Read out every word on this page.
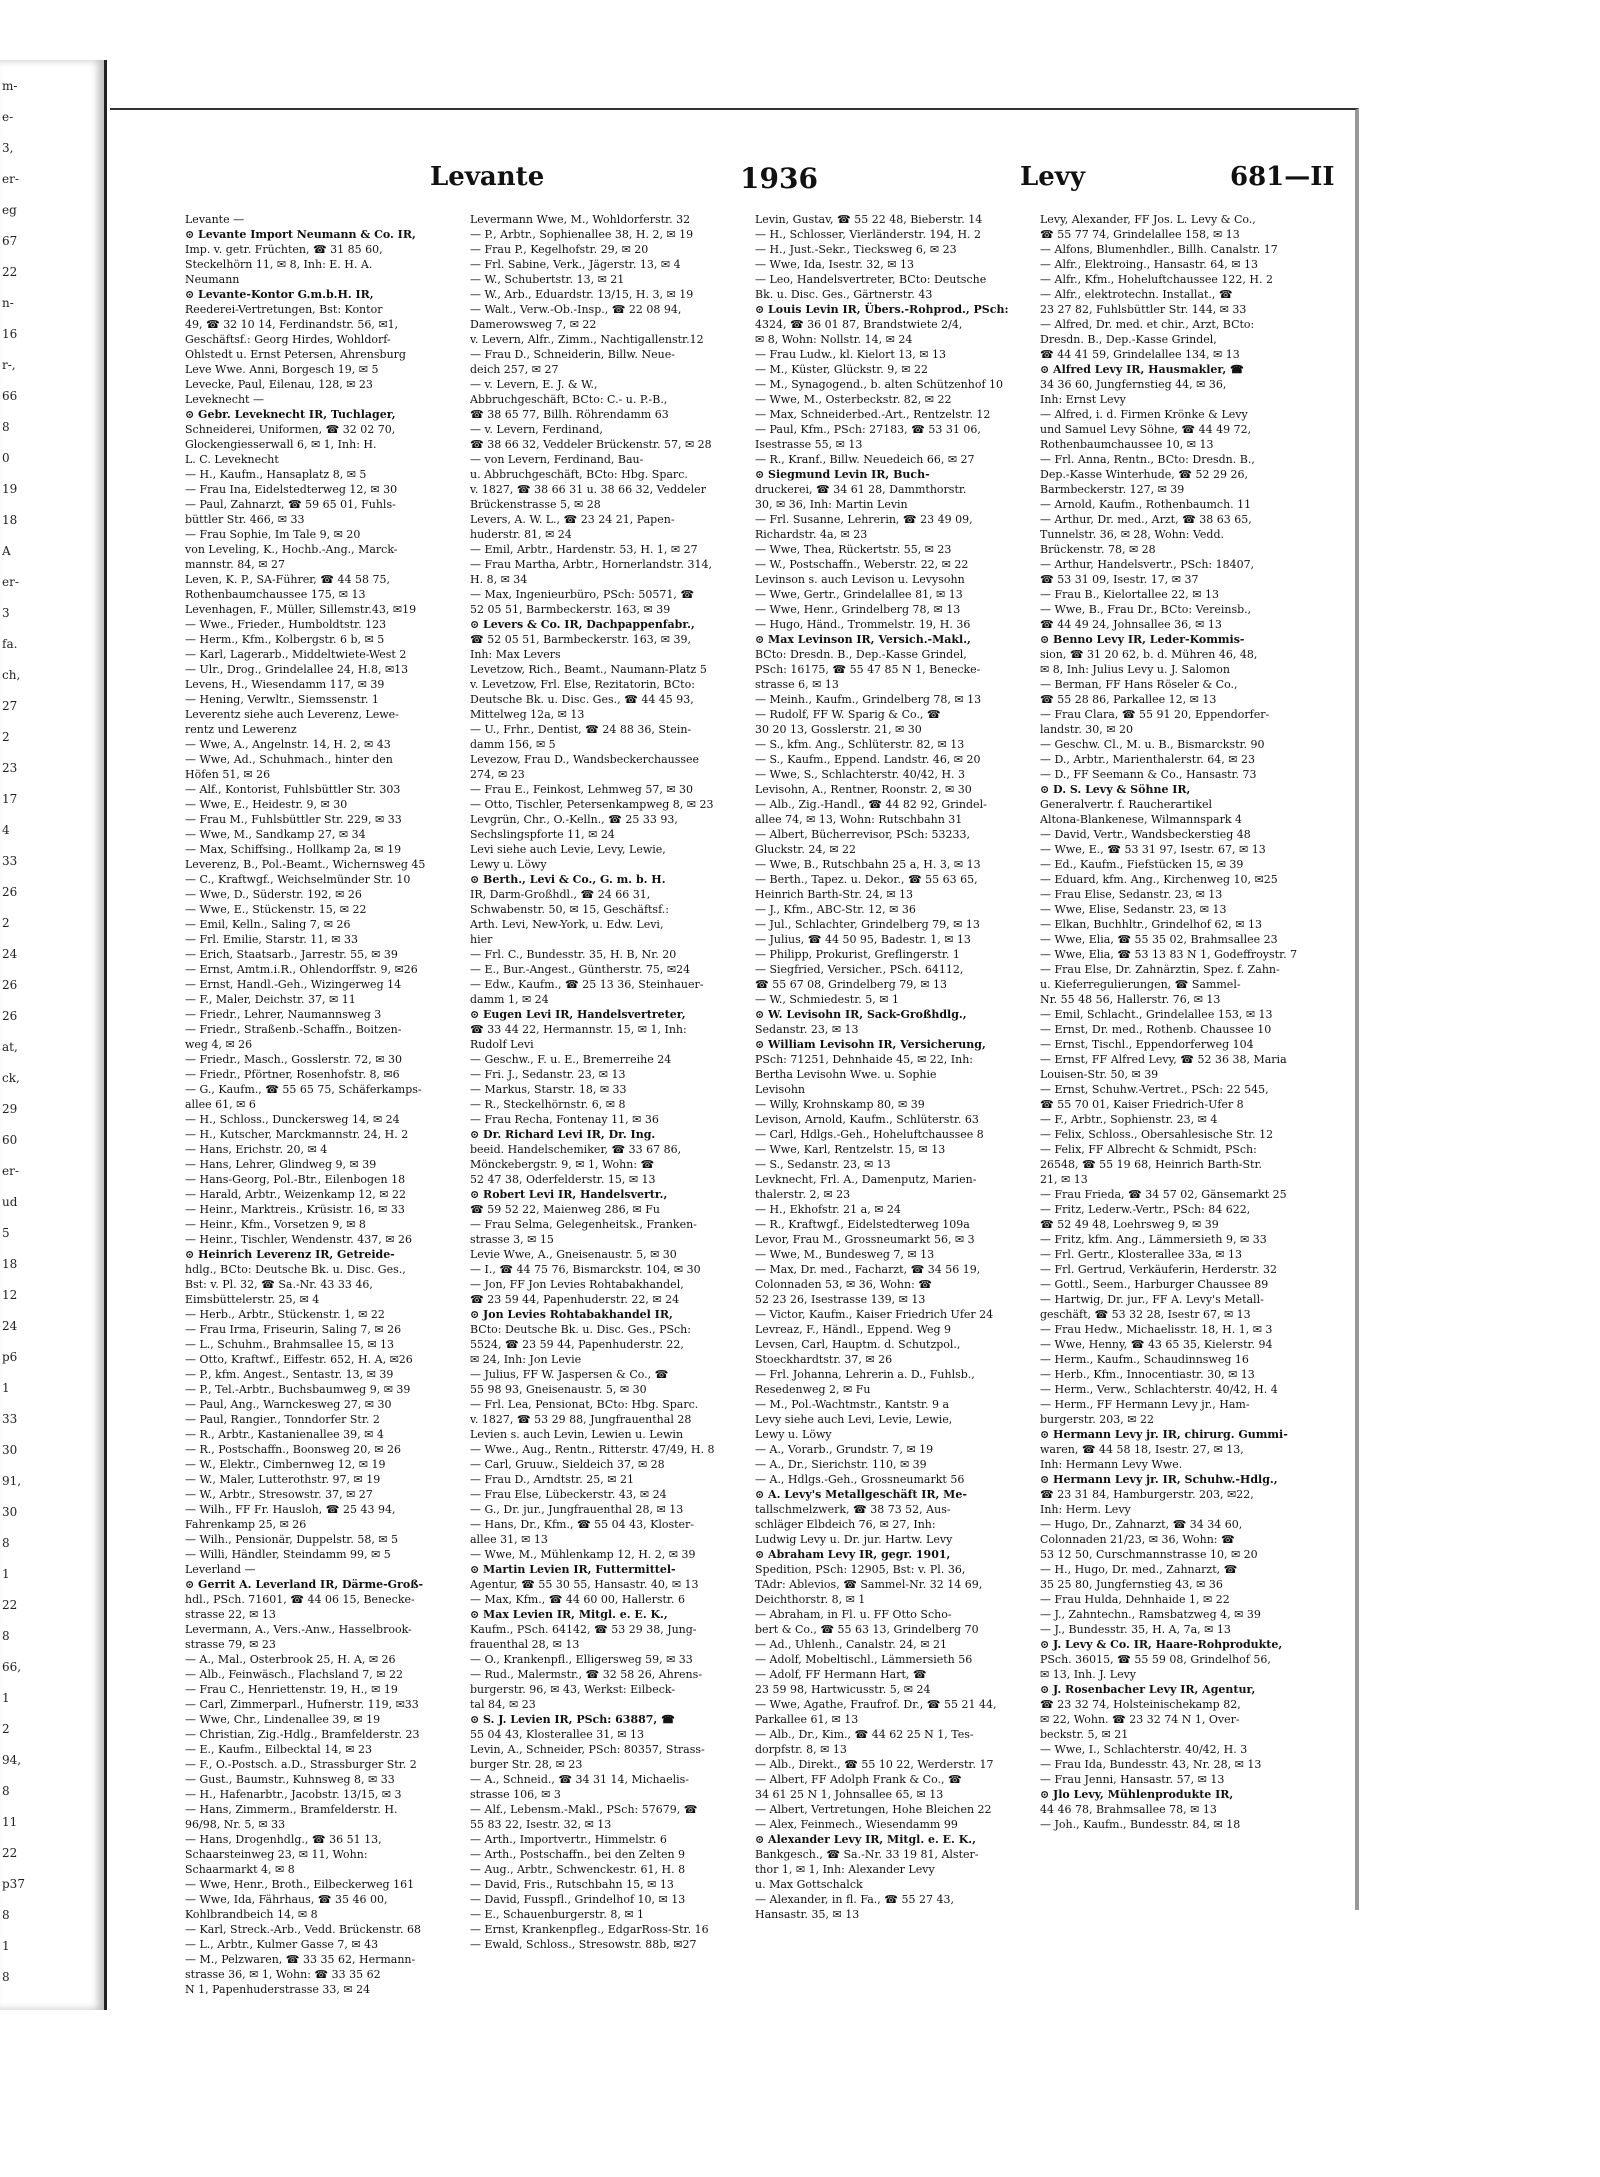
m-
e-
3,
er-
eg
67
22
n-
16
r-,
66
8
0
19
18
A
er-
3
fa.
ch,
27
2
23
17
4
33
26
2
24
26
26
at,
ck,
29
60
er-
ud
5
18
12
24
p6
1
33
30
91,
30
8
1
22
8
66,
1
2
94,
8
11
22
p37
8
1
8
Levante	1936	Levy	681—II
Levante —
⊙ Levante Import Neumann & Co. IR,
Imp. v. getr. Früchten, ☎ 31 85 60,
Steckelhörn 11, ✉ 8, Inh: E. H. A.
Neumann
⊙ Levante-Kontor G.m.b.H. IR,
Reederei-Vertretungen, Bst: Kontor
49, ☎ 32 10 14, Ferdinandstr. 56, ✉1,
Geschäftsf.: Georg Hirdes, Wohldorf-
Ohlstedt u. Ernst Petersen, Ahrensburg
Leve Wwe. Anni, Borgesch 19, ✉ 5
Levecke, Paul, Eilenau, 128, ✉ 23
Leveknecht —
⊙ Gebr. Leveknecht IR, Tuchlager,
Schneiderei, Uniformen, ☎ 32 02 70,
Glockengiesserwall 6, ✉ 1, Inh: H.
L. C. Leveknecht
— H., Kaufm., Hansaplatz 8, ✉ 5
— Frau Ina, Eidelstedterweg 12, ✉ 30
— Paul, Zahnarzt, ☎ 59 65 01, Fuhls-
büttler Str. 466, ✉ 33
— Frau Sophie, Im Tale 9, ✉ 20
von Leveling, K., Hochb.-Ang., Marck-
mannstr. 84, ✉ 27
Leven, K. P., SA-Führer, ☎ 44 58 75,
Rothenbaumchaussee 175, ✉ 13
Levenhagen, F., Müller, Sillemstr.43, ✉19
— Wwe., Frieder., Humboldtstr. 123
— Herm., Kfm., Kolbergstr. 6 b, ✉ 5
— Karl, Lagerarb., Middeltwiete-West 2
— Ulr., Drog., Grindelallee 24, H.8, ✉13
Levens, H., Wiesendamm 117, ✉ 39
— Hening, Verwltr., Siemssenstr. 1
Leverentz siehe auch Leverenz, Lewe-
rentz und Lewerenz
— Wwe, A., Angelnstr. 14, H. 2, ✉ 43
— Wwe, Ad., Schuhmach., hinter den
Höfen 51, ✉ 26
— Alf., Kontorist, Fuhlsbüttler Str. 303
— Wwe, E., Heidestr. 9, ✉ 30
— Frau M., Fuhlsbüttler Str. 229, ✉ 33
— Wwe, M., Sandkamp 27, ✉ 34
— Max, Schiffsing., Hollkamp 2a, ✉ 19
Leverenz, B., Pol.-Beamt., Wichernsweg 45
— C., Kraftwgf., Weichselmünder Str. 10
— Wwe, D., Süderstr. 192, ✉ 26
— Wwe, E., Stückenstr. 15, ✉ 22
— Emil, Kelln., Saling 7, ✉ 26
— Frl. Emilie, Starstr. 11, ✉ 33
— Erich, Staatsarb., Jarrestr. 55, ✉ 39
— Ernst, Amtm.i.R., Ohlendorffstr. 9, ✉26
— Ernst, Handl.-Geh., Wizingerweg 14
— F., Maler, Deichstr. 37, ✉ 11
— Friedr., Lehrer, Naumannsweg 3
— Friedr., Straßenb.-Schaffn., Boitzen-
weg 4, ✉ 26
— Friedr., Masch., Gosslerstr. 72, ✉ 30
— Friedr., Pförtner, Rosenhofstr. 8, ✉6
— G., Kaufm., ☎ 55 65 75, Schäferkamps-
allee 61, ✉ 6
— H., Schloss., Dunckersweg 14, ✉ 24
— H., Kutscher, Marckmannstr. 24, H. 2
— Hans, Erichstr. 20, ✉ 4
— Hans, Lehrer, Glindweg 9, ✉ 39
— Hans-Georg, Pol.-Btr., Eilenbogen 18
— Harald, Arbtr., Weizenkamp 12, ✉ 22
— Heinr., Marktreis., Krüsistr. 16, ✉ 33
— Heinr., Kfm., Vorsetzen 9, ✉ 8
— Heinr., Tischler, Wendenstr. 437, ✉ 26
⊙ Heinrich Leverenz IR, Getreide-
hdlg., BCto: Deutsche Bk. u. Disc. Ges.,
Bst: v. Pl. 32, ☎ Sa.-Nr. 43 33 46,
Eimsbüttelerstr. 25, ✉ 4
— Herb., Arbtr., Stückenstr. 1, ✉ 22
— Frau Irma, Friseurin, Saling 7, ✉ 26
— L., Schuhm., Brahmsallee 15, ✉ 13
— Otto, Kraftwf., Eiffestr. 652, H. A, ✉26
— P., kfm. Angest., Sentastr. 13, ✉ 39
— P., Tel.-Arbtr., Buchsbaumweg 9, ✉ 39
— Paul, Ang., Warnckesweg 27, ✉ 30
— Paul, Rangier., Tonndorfer Str. 2
— R., Arbtr., Kastanienallee 39, ✉ 4
— R., Postschaffn., Boonsweg 20, ✉ 26
— W., Elektr., Cimbernweg 12, ✉ 19
— W., Maler, Lutterothstr. 97, ✉ 19
— W., Arbtr., Stresowstr. 37, ✉ 27
— Wilh., FF Fr. Hausloh, ☎ 25 43 94,
Fahrenkamp 25, ✉ 26
— Wilh., Pensionär, Duppelstr. 58, ✉ 5
— Willi, Händler, Steindamm 99, ✉ 5
Leverland —
⊙ Gerrit A. Leverland IR, Därme-Groß-
hdl., PSch. 71601, ☎ 44 06 15, Benecke-
strasse 22, ✉ 13
Levermann, A., Vers.-Anw., Hasselbrook-
strasse 79, ✉ 23
— A., Mal., Osterbrook 25, H. A, ✉ 26
— Alb., Feinwäsch., Flachsland 7, ✉ 22
— Frau C., Henriettenstr. 19, H., ✉ 19
— Carl, Zimmerparl., Hufnerstr. 119, ✉33
— Wwe, Chr., Lindenallee 39, ✉ 19
— Christian, Zig.-Hdlg., Bramfelderstr. 23
— E., Kaufm., Eilbecktal 14, ✉ 23
— F., O.-Postsch. a.D., Strassburger Str. 2
— Gust., Baumstr., Kuhnsweg 8, ✉ 33
— H., Hafenarbtr., Jacobstr. 13/15, ✉ 3
— Hans, Zimmerm., Bramfelderstr. H.
96/98, Nr. 5, ✉ 33
— Hans, Drogenhdlg., ☎ 36 51 13,
Schaarsteinweg 23, ✉ 11, Wohn:
Schaarmarkt 4, ✉ 8
— Wwe, Henr., Broth., Eilbeckerweg 161
— Wwe, Ida, Fährhaus, ☎ 35 46 00,
Kohlbrandbeich 14, ✉ 8
— Karl, Streck.-Arb., Vedd. Brückenstr. 68
— L., Arbtr., Kulmer Gasse 7, ✉ 43
— M., Pelzwaren, ☎ 33 35 62, Hermann-
strasse 36, ✉ 1, Wohn: ☎ 33 35 62
N 1, Papenhuderstrasse 33, ✉ 24
Levermann Wwe, M., Wohldorferstr. 32
— P., Arbtr., Sophienallee 38, H. 2, ✉ 19
— Frau P., Kegelhofstr. 29, ✉ 20
— Frl. Sabine, Verk., Jägerstr. 13, ✉ 4
— W., Schubertstr. 13, ✉ 21
— W., Arb., Eduardstr. 13/15, H. 3, ✉ 19
— Walt., Verw.-Ob.-Insp., ☎ 22 08 94,
Damerowsweg 7, ✉ 22
v. Levern, Alfr., Zimm., Nachtigallenstr.12
— Frau D., Schneiderin, Billw. Neue-
deich 257, ✉ 27
— v. Levern, E. J. & W.,
Abbruchgeschäft, BCto: C.- u. P.-B.,
☎ 38 65 77, Billh. Röhrendamm 63
— v. Levern, Ferdinand,
☎ 38 66 32, Veddeler Brückenstr. 57, ✉ 28
— von Levern, Ferdinand, Bau-
u. Abbruchgeschäft, BCto: Hbg. Sparc.
v. 1827, ☎ 38 66 31 u. 38 66 32, Veddeler
Brückenstrasse 5, ✉ 28
Levers, A. W. L., ☎ 23 24 21, Papen-
huderstr. 81, ✉ 24
— Emil, Arbtr., Hardenstr. 53, H. 1, ✉ 27
— Frau Martha, Arbtr., Hornerlandstr. 314,
H. 8, ✉ 34
— Max, Ingenieurbüro, PSch: 50571, ☎
52 05 51, Barmbeckerstr. 163, ✉ 39
⊙ Levers & Co. IR, Dachpappenfabr.,
☎ 52 05 51, Barmbeckerstr. 163, ✉ 39,
Inh: Max Levers
Levetzow, Rich., Beamt., Naumann-Platz 5
v. Levetzow, Frl. Else, Rezitatorin, BCto:
Deutsche Bk. u. Disc. Ges., ☎ 44 45 93,
Mittelweg 12a, ✉ 13
— U., Frhr., Dentist, ☎ 24 88 36, Stein-
damm 156, ✉ 5
Levezow, Frau D., Wandsbeckerchaussee
274, ✉ 23
— Frau E., Feinkost, Lehmweg 57, ✉ 30
— Otto, Tischler, Petersenkampweg 8, ✉ 23
Levgrün, Chr., O.-Kelln., ☎ 25 33 93,
Sechslingspforte 11, ✉ 24
Levi siehe auch Levie, Levy, Lewie,
Lewy u. Löwy
⊙ Berth., Levi & Co., G. m. b. H.
IR, Darm-Großhdl., ☎ 24 66 31,
Schwabenstr. 50, ✉ 15, Geschäftsf.:
Arth. Levi, New-York, u. Edw. Levi,
hier
— Frl. C., Bundesstr. 35, H. B, Nr. 20
— E., Bur.-Angest., Güntherstr. 75, ✉24
— Edw., Kaufm., ☎ 25 13 36, Steinhauer-
damm 1, ✉ 24
⊙ Eugen Levi IR, Handelsvertreter,
☎ 33 44 22, Hermannstr. 15, ✉ 1, Inh:
Rudolf Levi
— Geschw., F. u. E., Bremerreihe 24
— Fri. J., Sedanstr. 23, ✉ 13
— Markus, Starstr. 18, ✉ 33
— R., Steckelhörnstr. 6, ✉ 8
— Frau Recha, Fontenay 11, ✉ 36
⊙ Dr. Richard Levi IR, Dr. Ing.
beeid. Handelschemiker, ☎ 33 67 86,
Mönckebergstr. 9, ✉ 1, Wohn: ☎
52 47 38, Oderfelderstr. 15, ✉ 13
⊙ Robert Levi IR, Handelsvertr.,
☎ 59 52 22, Maienweg 286, ✉ Fu
— Frau Selma, Gelegenheitsk., Franken-
strasse 3, ✉ 15
Levie Wwe, A., Gneisenaustr. 5, ✉ 30
— I., ☎ 44 75 76, Bismarckstr. 104, ✉ 30
— Jon, FF Jon Levies Rohtabakhandel,
☎ 23 59 44, Papenhuderstr. 22, ✉ 24
⊙ Jon Levies Rohtabakhandel IR,
BCto: Deutsche Bk. u. Disc. Ges., PSch:
5524, ☎ 23 59 44, Papenhuderstr. 22,
✉ 24, Inh: Jon Levie
— Julius, FF W. Jaspersen & Co., ☎
55 98 93, Gneisenaustr. 5, ✉ 30
— Frl. Lea, Pensionat, BCto: Hbg. Sparc.
v. 1827, ☎ 53 29 88, Jungfrauenthal 28
Levien s. auch Levin, Lewien u. Lewin
— Wwe., Aug., Rentn., Ritterstr. 47/49, H. 8
— Carl, Gruuw., Sieldeich 37, ✉ 28
— Frau D., Arndtstr. 25, ✉ 21
— Frau Else, Lübeckerstr. 43, ✉ 24
— G., Dr. jur., Jungfrauenthal 28, ✉ 13
— Hans, Dr., Kfm., ☎ 55 04 43, Kloster-
allee 31, ✉ 13
— Wwe, M., Mühlenkamp 12, H. 2, ✉ 39
⊙ Martin Levien IR, Futtermittel-
Agentur, ☎ 55 30 55, Hansastr. 40, ✉ 13
— Max, Kfm., ☎ 44 60 00, Hallerstr. 6
⊙ Max Levien IR, Mitgl. e. E. K.,
Kaufm., PSch. 64142, ☎ 53 29 38, Jung-
frauenthal 28, ✉ 13
— O., Krankenpfl., Elligersweg 59, ✉ 33
— Rud., Malermstr., ☎ 32 58 26, Ahrens-
burgerstr. 96, ✉ 43, Werkst: Eilbeck-
tal 84, ✉ 23
⊙ S. J. Levien IR, PSch: 63887, ☎
55 04 43, Klosterallee 31, ✉ 13
Levin, A., Schneider, PSch: 80357, Strass-
burger Str. 28, ✉ 23
— A., Schneid., ☎ 34 31 14, Michaelis-
strasse 106, ✉ 3
— Alf., Lebensm.-Makl., PSch: 57679, ☎
55 83 22, Isestr. 32, ✉ 13
— Arth., Importvertr., Himmelstr. 6
— Arth., Postschaffn., bei den Zelten 9
— Aug., Arbtr., Schwenckestr. 61, H. 8
— David, Fris., Rutschbahn 15, ✉ 13
— David, Fusspfl., Grindelhof 10, ✉ 13
— E., Schauenburgerstr. 8, ✉ 1
— Ernst, Krankenpfleg., EdgarRoss-Str. 16
— Ewald, Schloss., Stresowstr. 88b, ✉27
Levin, Gustav, ☎ 55 22 48, Bieberstr. 14
— H., Schlosser, Vierländerstr. 194, H. 2
— H., Just.-Sekr., Tiecksweg 6, ✉ 23
— Wwe, Ida, Isestr. 32, ✉ 13
— Leo, Handelsvertreter, BCto: Deutsche
Bk. u. Disc. Ges., Gärtnerstr. 43
⊙ Louis Levin IR, Übers.-Rohprod., PSch:
4324, ☎ 36 01 87, Brandstwiete 2/4,
✉ 8, Wohn: Nollstr. 14, ✉ 24
— Frau Ludw., kl. Kielort 13, ✉ 13
— M., Küster, Glückstr. 9, ✉ 22
— M., Synagogend., b. alten Schützenhof 10
— Wwe, M., Osterbeckstr. 82, ✉ 22
— Max, Schneiderbed.-Art., Rentzelstr. 12
— Paul, Kfm., PSch: 27183, ☎ 53 31 06,
Isestrasse 55, ✉ 13
— R., Kranf., Billw. Neuedeich 66, ✉ 27
⊙ Siegmund Levin IR, Buch-
druckerei, ☎ 34 61 28, Dammthorstr.
30, ✉ 36, Inh: Martin Levin
— Frl. Susanne, Lehrerin, ☎ 23 49 09,
Richardstr. 4a, ✉ 23
— Wwe, Thea, Rückertstr. 55, ✉ 23
— W., Postschaffn., Weberstr. 22, ✉ 22
Levinson s. auch Levison u. Levysohn
— Wwe, Gertr., Grindelallee 81, ✉ 13
— Wwe, Henr., Grindelberg 78, ✉ 13
— Hugo, Händ., Trommelstr. 19, H. 36
⊙ Max Levinson IR, Versich.-Makl.,
BCto: Dresdn. B., Dep.-Kasse Grindel,
PSch: 16175, ☎ 55 47 85 N 1, Benecke-
strasse 6, ✉ 13
— Meinh., Kaufm., Grindelberg 78, ✉ 13
— Rudolf, FF W. Sparig & Co., ☎
30 20 13, Gosslerstr. 21, ✉ 30
— S., kfm. Ang., Schlüterstr. 82, ✉ 13
— S., Kaufm., Eppend. Landstr. 46, ✉ 20
— Wwe, S., Schlachterstr. 40/42, H. 3
Levisohn, A., Rentner, Roonstr. 2, ✉ 30
— Alb., Zig.-Handl., ☎ 44 82 92, Grindel-
allee 74, ✉ 13, Wohn: Rutschbahn 31
— Albert, Bücherrevisor, PSch: 53233,
Gluckstr. 24, ✉ 22
— Wwe, B., Rutschbahn 25 a, H. 3, ✉ 13
— Berth., Tapez. u. Dekor., ☎ 55 63 65,
Heinrich Barth-Str. 24, ✉ 13
— J., Kfm., ABC-Str. 12, ✉ 36
— Jul., Schlachter, Grindelberg 79, ✉ 13
— Julius, ☎ 44 50 95, Badestr. 1, ✉ 13
— Philipp, Prokurist, Greflingerstr. 1
— Siegfried, Versicher., PSch. 64112,
☎ 55 67 08, Grindelberg 79, ✉ 13
— W., Schmiedestr. 5, ✉ 1
⊙ W. Levisohn IR, Sack-Großhdlg.,
Sedanstr. 23, ✉ 13
⊙ William Levisohn IR, Versicherung,
PSch: 71251, Dehnhaide 45, ✉ 22, Inh:
Bertha Levisohn Wwe. u. Sophie
Levisohn
— Willy, Krohnskamp 80, ✉ 39
Levison, Arnold, Kaufm., Schlüterstr. 63
— Carl, Hdlgs.-Geh., Hoheluftchaussee 8
— Wwe, Karl, Rentzelstr. 15, ✉ 13
— S., Sedanstr. 23, ✉ 13
Levknecht, Frl. A., Damenputz, Marien-
thalerstr. 2, ✉ 23
— H., Ekhofstr. 21 a, ✉ 24
— R., Kraftwgf., Eidelstedterweg 109a
Levor, Frau M., Grossneumarkt 56, ✉ 3
— Wwe, M., Bundesweg 7, ✉ 13
— Max, Dr. med., Facharzt, ☎ 34 56 19,
Colonnaden 53, ✉ 36, Wohn: ☎
52 23 26, Isestrasse 139, ✉ 13
— Victor, Kaufm., Kaiser Friedrich Ufer 24
Levreaz, F., Händl., Eppend. Weg 9
Levsen, Carl, Hauptm. d. Schutzpol.,
Stoeckhardtstr. 37, ✉ 26
— Frl. Johanna, Lehrerin a. D., Fuhlsb.,
Resedenweg 2, ✉ Fu
— M., Pol.-Wachtmstr., Kantstr. 9 a
Levy siehe auch Levi, Levie, Lewie,
Lewy u. Löwy
— A., Vorarb., Grundstr. 7, ✉ 19
— A., Dr., Sierichstr. 110, ✉ 39
— A., Hdlgs.-Geh., Grossneumarkt 56
⊙ A. Levy's Metallgeschäft IR, Me-
tallschmelzwerk, ☎ 38 73 52, Aus-
schläger Elbdeich 76, ✉ 27, Inh:
Ludwig Levy u. Dr. jur. Hartw. Levy
⊙ Abraham Levy IR, gegr. 1901,
Spedition, PSch: 12905, Bst: v. Pl. 36,
TAdr: Ablevios, ☎ Sammel-Nr. 32 14 69,
Deichthorstr. 8, ✉ 1
— Abraham, in Fl. u. FF Otto Scho-
bert & Co., ☎ 55 63 13, Grindelberg 70
— Ad., Uhlenh., Canalstr. 24, ✉ 21
— Adolf, Mobeltischl., Lämmersieth 56
— Adolf, FF Hermann Hart, ☎
23 59 98, Hartwicusstr. 5, ✉ 24
— Wwe, Agathe, Fraufrof. Dr., ☎ 55 21 44,
Parkallee 61, ✉ 13
— Alb., Dr., Kim., ☎ 44 62 25 N 1, Tes-
dorpfstr. 8, ✉ 13
— Alb., Direkt., ☎ 55 10 22, Werderstr. 17
— Albert, FF Adolph Frank & Co., ☎
34 61 25 N 1, Johnsallee 65, ✉ 13
— Albert, Vertretungen, Hohe Bleichen 22
— Alex, Feinmech., Wiesendamm 99
⊙ Alexander Levy IR, Mitgl. e. E. K.,
Bankgesch., ☎ Sa.-Nr. 33 19 81, Alster-
thor 1, ✉ 1, Inh: Alexander Levy
u. Max Gottschalck
— Alexander, in fl. Fa., ☎ 55 27 43,
Hansastr. 35, ✉ 13
Levy, Alexander, FF Jos. L. Levy & Co.,
☎ 55 77 74, Grindelallee 158, ✉ 13
— Alfons, Blumenhdler., Billh. Canalstr. 17
— Alfr., Elektroing., Hansastr. 64, ✉ 13
— Alfr., Kfm., Hoheluftchaussee 122, H. 2
— Alfr., elektrotechn. Installat., ☎
23 27 82, Fuhlsbüttler Str. 144, ✉ 33
— Alfred, Dr. med. et chir., Arzt, BCto:
Dresdn. B., Dep.-Kasse Grindel,
☎ 44 41 59, Grindelallee 134, ✉ 13
⊙ Alfred Levy IR, Hausmakler, ☎
34 36 60, Jungfernstieg 44, ✉ 36,
Inh: Ernst Levy
— Alfred, i. d. Firmen Krönke & Levy
und Samuel Levy Söhne, ☎ 44 49 72,
Rothenbaumchaussee 10, ✉ 13
— Frl. Anna, Rentn., BCto: Dresdn. B.,
Dep.-Kasse Winterhude, ☎ 52 29 26,
Barmbeckerstr. 127, ✉ 39
— Arnold, Kaufm., Rothenbaumch. 11
— Arthur, Dr. med., Arzt, ☎ 38 63 65,
Tunnelstr. 36, ✉ 28, Wohn: Vedd.
Brückenstr. 78, ✉ 28
— Arthur, Handelsvertr., PSch: 18407,
☎ 53 31 09, Isestr. 17, ✉ 37
— Frau B., Kielortallee 22, ✉ 13
— Wwe, B., Frau Dr., BCto: Vereinsb.,
☎ 44 49 24, Johnsallee 36, ✉ 13
⊙ Benno Levy IR, Leder-Kommis-
sion, ☎ 31 20 62, b. d. Mühren 46, 48,
✉ 8, Inh: Julius Levy u. J. Salomon
— Berman, FF Hans Röseler & Co.,
☎ 55 28 86, Parkallee 12, ✉ 13
— Frau Clara, ☎ 55 91 20, Eppendorfer-
landstr. 30, ✉ 20
— Geschw. Cl., M. u. B., Bismarckstr. 90
— D., Arbtr., Marienthalerstr. 64, ✉ 23
— D., FF Seemann & Co., Hansastr. 73
⊙ D. S. Levy & Söhne IR,
Generalvertr. f. Raucherartikel
Altona-Blankenese, Wilmannspark 4
— David, Vertr., Wandsbeckerstieg 48
— Wwe, E., ☎ 53 31 97, Isestr. 67, ✉ 13
— Ed., Kaufm., Fiefstücken 15, ✉ 39
— Eduard, kfm. Ang., Kirchenweg 10, ✉25
— Frau Elise, Sedanstr. 23, ✉ 13
— Wwe, Elise, Sedanstr. 23, ✉ 13
— Elkan, Buchhltr., Grindelhof 62, ✉ 13
— Wwe, Elia, ☎ 55 35 02, Brahmsallee 23
— Wwe, Elia, ☎ 53 13 83 N 1, Godeffroystr. 7
— Frau Else, Dr. Zahnärztin, Spez. f. Zahn-
u. Kieferregulierungen, ☎ Sammel-
Nr. 55 48 56, Hallerstr. 76, ✉ 13
— Emil, Schlacht., Grindelallee 153, ✉ 13
— Ernst, Dr. med., Rothenb. Chaussee 10
— Ernst, Tischl., Eppendorferweg 104
— Ernst, FF Alfred Levy, ☎ 52 36 38, Maria
Louisen-Str. 50, ✉ 39
— Ernst, Schuhw.-Vertret., PSch: 22 545,
☎ 55 70 01, Kaiser Friedrich-Ufer 8
— F., Arbtr., Sophienstr. 23, ✉ 4
— Felix, Schloss., Obersahlesische Str. 12
— Felix, FF Albrecht & Schmidt, PSch:
26548, ☎ 55 19 68, Heinrich Barth-Str.
21, ✉ 13
— Frau Frieda, ☎ 34 57 02, Gänsemarkt 25
— Fritz, Lederw.-Vertr., PSch: 84 622,
☎ 52 49 48, Loehrsweg 9, ✉ 39
— Fritz, kfm. Ang., Lämmersieth 9, ✉ 33
— Frl. Gertr., Klosterallee 33a, ✉ 13
— Frl. Gertrud, Verkäuferin, Herderstr. 32
— Gottl., Seem., Harburger Chaussee 89
— Hartwig, Dr. jur., FF A. Levy's Metall-
geschäft, ☎ 53 32 28, Isestr 67, ✉ 13
— Frau Hedw., Michaelisstr. 18, H. 1, ✉ 3
— Wwe, Henny, ☎ 43 65 35, Kielerstr. 94
— Herm., Kaufm., Schaudinnsweg 16
— Herb., Kfm., Innocentiastr. 30, ✉ 13
— Herm., Verw., Schlachterstr. 40/42, H. 4
— Herm., FF Hermann Levy jr., Ham-
burgerstr. 203, ✉ 22
⊙ Hermann Levy jr. IR, chirurg. Gummi-
waren, ☎ 44 58 18, Isestr. 27, ✉ 13,
Inh: Hermann Levy Wwe.
⊙ Hermann Levy jr. IR, Schuhw.-Hdlg.,
☎ 23 31 84, Hamburgerstr. 203, ✉22,
Inh: Herm. Levy
— Hugo, Dr., Zahnarzt, ☎ 34 34 60,
Colonnaden 21/23, ✉ 36, Wohn: ☎
53 12 50, Curschmannstrasse 10, ✉ 20
— H., Hugo, Dr. med., Zahnarzt, ☎
35 25 80, Jungfernstieg 43, ✉ 36
— Frau Hulda, Dehnhaide 1, ✉ 22
— J., Zahntechn., Ramsbatzweg 4, ✉ 39
— J., Bundesstr. 35, H. A, 7a, ✉ 13
⊙ J. Levy & Co. IR, Haare-Rohprodukte,
PSch. 36015, ☎ 55 59 08, Grindelhof 56,
✉ 13, Inh. J. Levy
⊙ J. Rosenbacher Levy IR, Agentur,
☎ 23 32 74, Holsteinischekamp 82,
✉ 22, Wohn. ☎ 23 32 74 N 1, Over-
beckstr. 5, ✉ 21
— Wwe, I., Schlachterstr. 40/42, H. 3
— Frau Ida, Bundesstr. 43, Nr. 28, ✉ 13
— Frau Jenni, Hansastr. 57, ✉ 13
⊙ Jlo Levy, Mühlenprodukte IR,
44 46 78, Brahmsallee 78, ✉ 13
— Joh., Kaufm., Bundesstr. 84, ✉ 18
